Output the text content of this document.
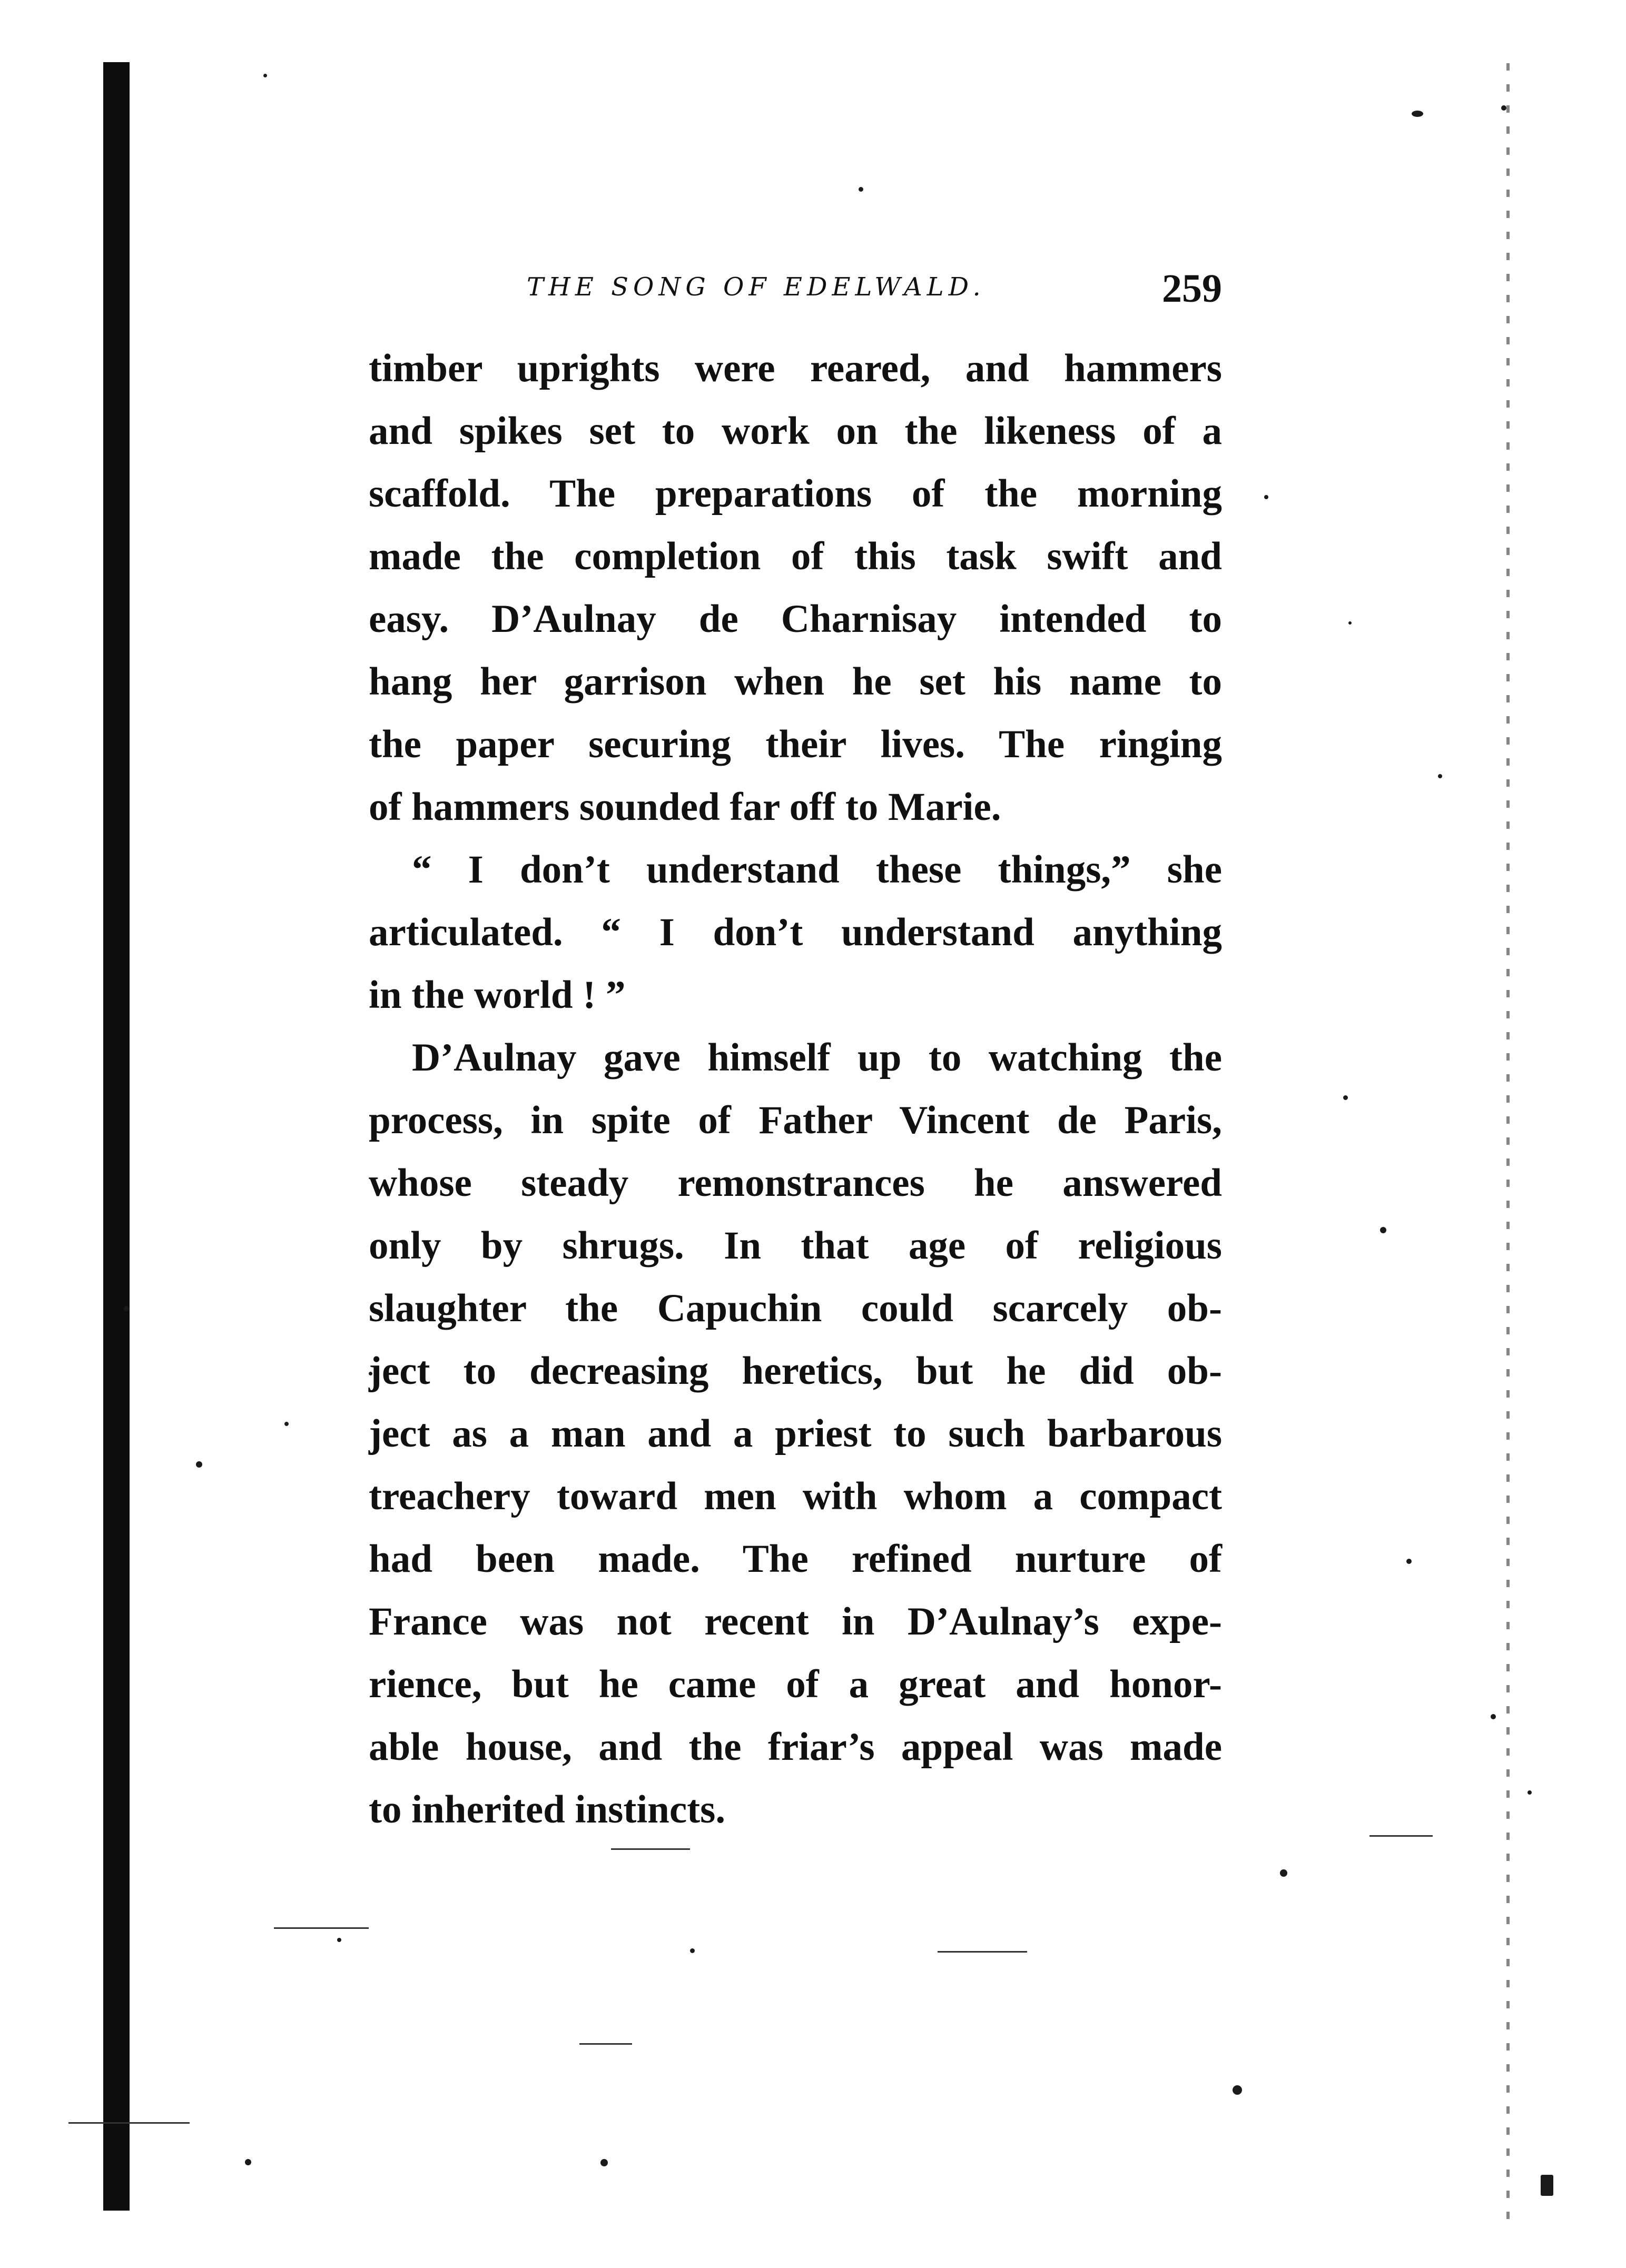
THE SONG OF EDELWALD.	259
timber uprights were reared, and hammers
and spikes set to work on the likeness of a
scaffold. The preparations of the morning
made the completion of this task swift and
easy. D’Aulnay de Charnisay intended to
hang her garrison when he set his name to
the paper securing their lives. The ringing
of hammers sounded far off to Marie.
“ I don’t understand these things,” she
articulated. “ I don’t understand anything
in the world ! ”
D’Aulnay gave himself up to watching the
process, in spite of Father Vincent de Paris,
whose steady remonstrances he answered
only by shrugs. In that age of religious
slaughter the Capuchin could scarcely ob-
ject to decreasing heretics, but he did ob-
ject as a man and a priest to such barbarous
treachery toward men with whom a compact
had been made. The refined nurture of
France was not recent in D’Aulnay’s expe-
rience, but he came of a great and honor-
able house, and the friar’s appeal was made
to inherited instincts.
